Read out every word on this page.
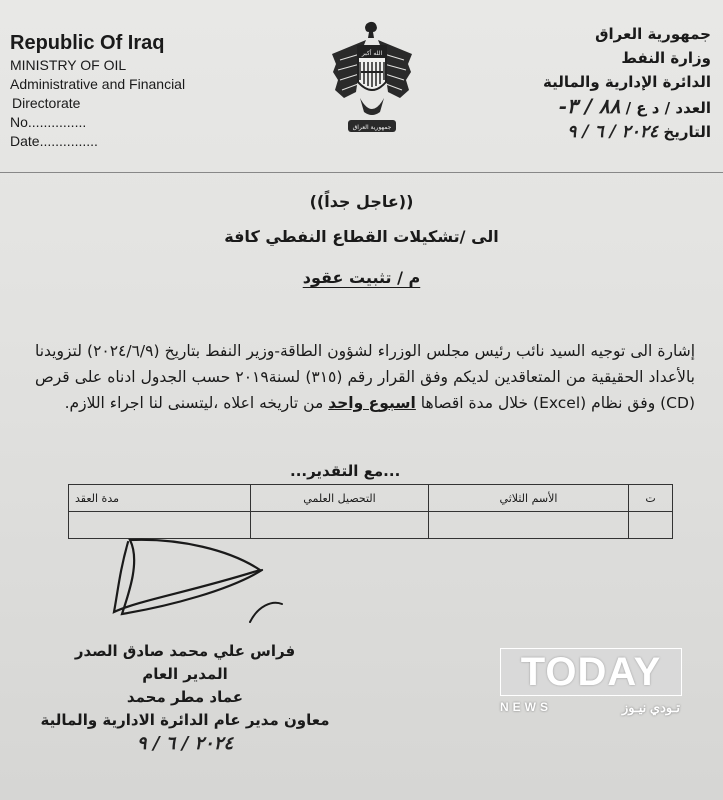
Republic Of Iraq
MINISTRY OF OIL
Administrative and Financial
Directorate
No...............
Date...............
الله أكبر
جمهورية العراق
جمهورية العراق
وزارة النفط
الدائرة الإدارية والمالية
العدد / د ع / ٨٨ / ٣-
التاريخ ٢٠٢٤ / ٦ / ٩
((عاجل جداً))
الى /تشكيلات القطاع النفطي كافة
م / تثبيت عقود
إشارة الى توجيه السيد نائب رئيس مجلس الوزراء لشؤون الطاقة-وزير النفط بتاريخ (٢٠٢٤/٦/٩) لتزويدنا بالأعداد الحقيقية من المتعاقدين لديكم وفق القرار رقم (٣١٥) لسنة٢٠١٩ حسب الجدول ادناه على قرص (CD) وفق نظام (Excel) خلال مدة اقصاها اسبوع واحد من تاريخه اعلاه ،ليتسنى لنا اجراء اللازم.
...مع التقدير...
ت	الأسم الثلاثي	التحصيل العلمي	مدة العقد

فراس علي محمد صادق الصدر
المدير العام
عماد مطر محمد
معاون مدير عام الدائرة الادارية والمالية
٢٠٢٤ / ٦ / ٩
TODAY
NEWS	تـودي نيـوز
